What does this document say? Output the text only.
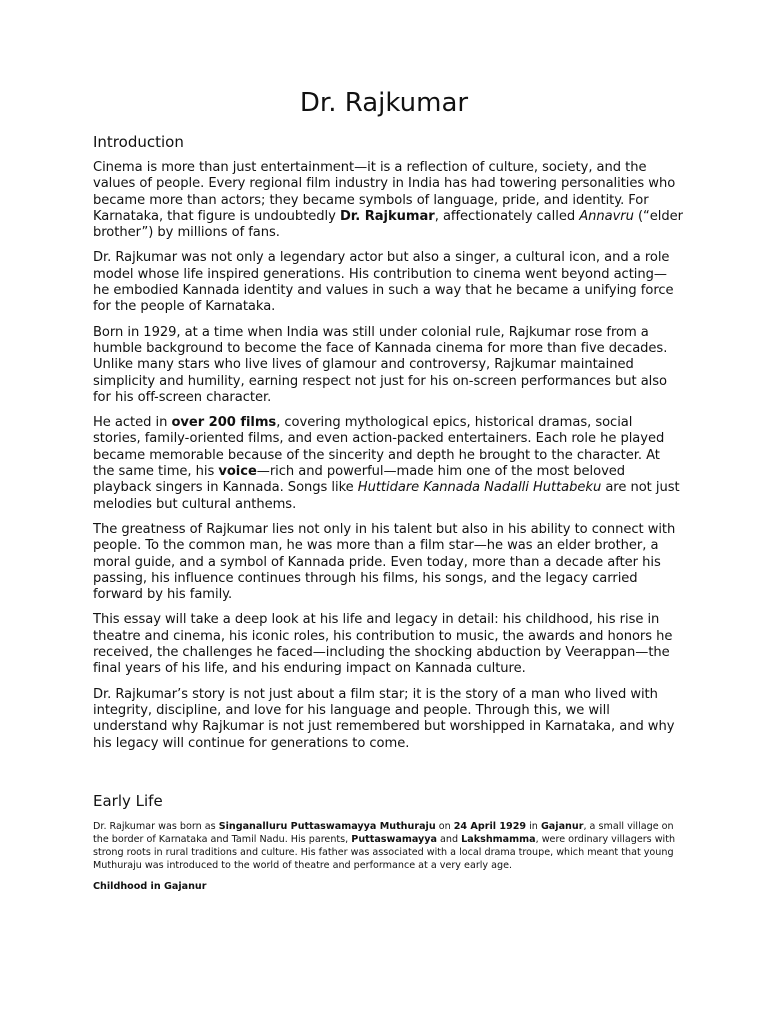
Dr. Rajkumar
Introduction

Cinema is more than just entertainment—it is a reflection of culture, society, and the values of people. Every regional film industry in India has had towering personalities who became more than actors; they became symbols of language, pride, and identity. For Karnataka, that figure is undoubtedly Dr. Rajkumar, affectionately called Annavru (“elder brother”) by millions of fans.

Dr. Rajkumar was not only a legendary actor but also a singer, a cultural icon, and a role model whose life inspired generations. His contribution to cinema went beyond acting—he embodied Kannada identity and values in such a way that he became a unifying force for the people of Karnataka.

Born in 1929, at a time when India was still under colonial rule, Rajkumar rose from a humble background to become the face of Kannada cinema for more than five decades. Unlike many stars who live lives of glamour and controversy, Rajkumar maintained simplicity and humility, earning respect not just for his on-screen performances but also for his off-screen character.

He acted in over 200 films, covering mythological epics, historical dramas, social stories, family-oriented films, and even action-packed entertainers. Each role he played became memorable because of the sincerity and depth he brought to the character. At the same time, his voice—rich and powerful—made him one of the most beloved playback singers in Kannada. Songs like Huttidare Kannada Nadalli Huttabeku are not just melodies but cultural anthems.

The greatness of Rajkumar lies not only in his talent but also in his ability to connect with people. To the common man, he was more than a film star—he was an elder brother, a moral guide, and a symbol of Kannada pride. Even today, more than a decade after his passing, his influence continues through his films, his songs, and the legacy carried forward by his family.

This essay will take a deep look at his life and legacy in detail: his childhood, his rise in theatre and cinema, his iconic roles, his contribution to music, the awards and honors he received, the challenges he faced—including the shocking abduction by Veerappan—the final years of his life, and his enduring impact on Kannada culture.

Dr. Rajkumar’s story is not just about a film star; it is the story of a man who lived with integrity, discipline, and love for his language and people. Through this, we will understand why Rajkumar is not just remembered but worshipped in Karnataka, and why his legacy will continue for generations to come.

Early Life

Dr. Rajkumar was born as Singanalluru Puttaswamayya Muthuraju on 24 April 1929 in Gajanur, a small village on the border of Karnataka and Tamil Nadu. His parents, Puttaswamayya and Lakshmamma, were ordinary villagers with strong roots in rural traditions and culture. His father was associated with a local drama troupe, which meant that young Muthuraju was introduced to the world of theatre and performance at a very early age.

Childhood in Gajanur
